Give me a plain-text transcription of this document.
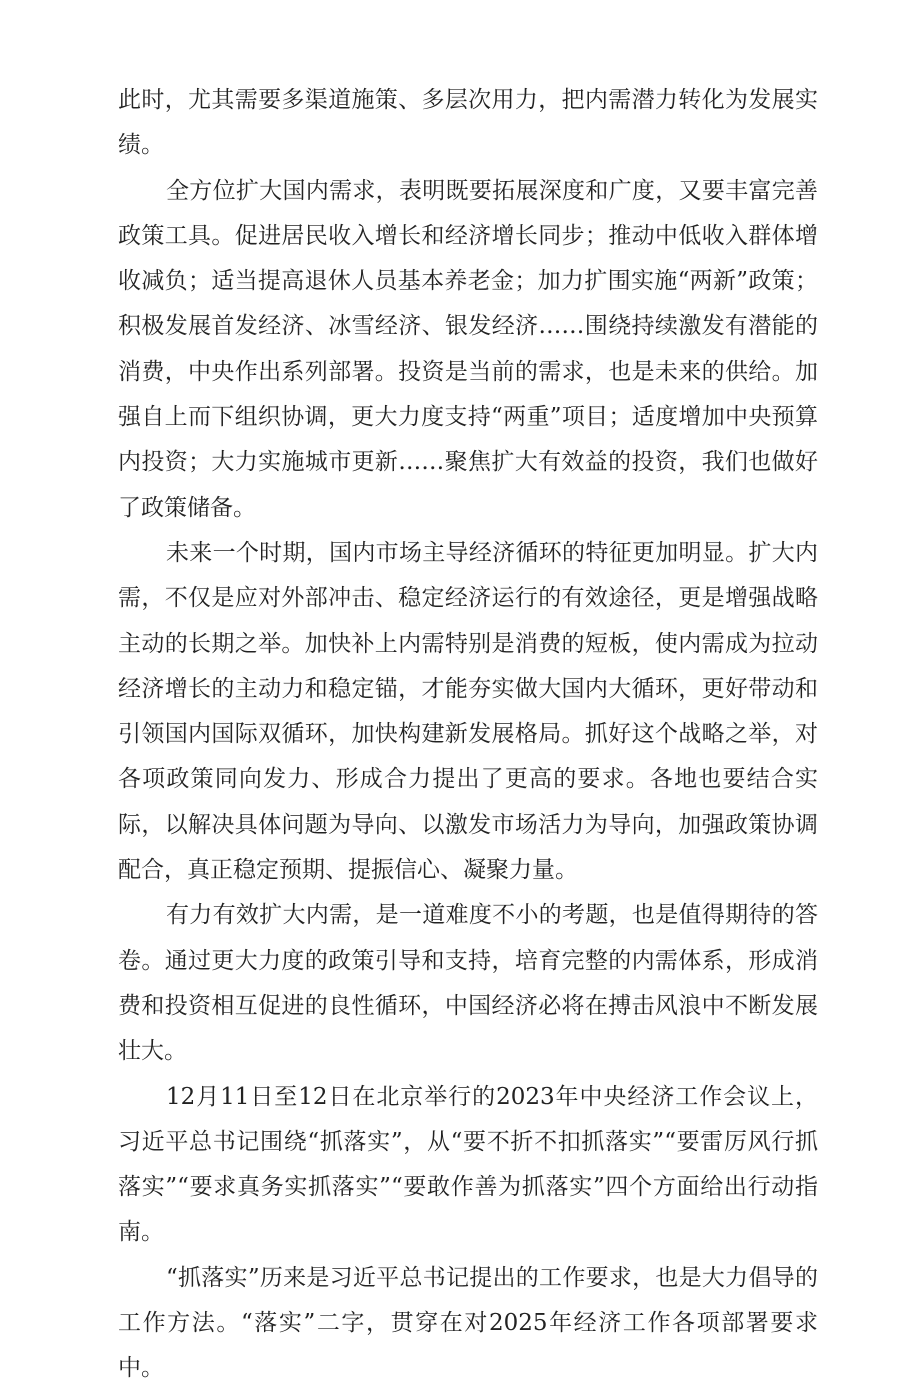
此时，尤其需要多渠道施策、多层次用力，把内需潜力转化为发展实绩。

全方位扩大国内需求，表明既要拓展深度和广度，又要丰富完善政策工具。促进居民收入增长和经济增长同步；推动中低收入群体增收减负；适当提高退休人员基本养老金；加力扩围实施“两新”政策；积极发展首发经济、冰雪经济、银发经济……围绕持续激发有潜能的消费，中央作出系列部署。投资是当前的需求，也是未来的供给。加强自上而下组织协调，更大力度支持“两重”项目；适度增加中央预算内投资；大力实施城市更新……聚焦扩大有效益的投资，我们也做好了政策储备。

未来一个时期，国内市场主导经济循环的特征更加明显。扩大内需，不仅是应对外部冲击、稳定经济运行的有效途径，更是增强战略主动的长期之举。加快补上内需特别是消费的短板，使内需成为拉动经济增长的主动力和稳定锚，才能夯实做大国内大循环，更好带动和引领国内国际双循环，加快构建新发展格局。抓好这个战略之举，对各项政策同向发力、形成合力提出了更高的要求。各地也要结合实际，以解决具体问题为导向、以激发市场活力为导向，加强政策协调配合，真正稳定预期、提振信心、凝聚力量。

有力有效扩大内需，是一道难度不小的考题，也是值得期待的答卷。通过更大力度的政策引导和支持，培育完整的内需体系，形成消费和投资相互促进的良性循环，中国经济必将在搏击风浪中不断发展壮大。

12月11日至12日在北京举行的2023年中央经济工作会议上，习近平总书记围绕“抓落实”，从“要不折不扣抓落实”“要雷厉风行抓落实”“要求真务实抓落实”“要敢作善为抓落实”四个方面给出行动指南。

“抓落实”历来是习近平总书记提出的工作要求，也是大力倡导的工作方法。“落实”二字，贯穿在对2025年经济工作各项部署要求中。
